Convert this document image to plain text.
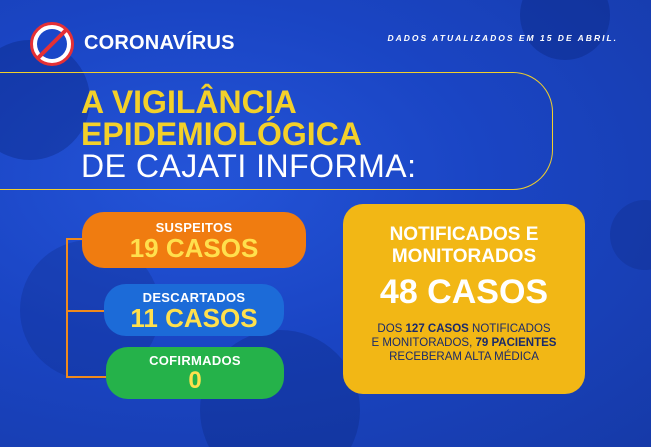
CORONAVÍRUS	DADOS ATUALIZADOS EM 15 DE ABRIL.
A VIGILÂNCIA
EPIDEMIOLÓGICA
DE CAJATI INFORMA:
SUSPEITOS
19 CASOS
DESCARTADOS
11 CASOS
COFIRMADOS
0
NOTIFICADOS E
MONITORADOS
48 CASOS
DOS 127 CASOS NOTIFICADOS
E MONITORADOS, 79 PACIENTES
RECEBERAM ALTA MÉDICA
